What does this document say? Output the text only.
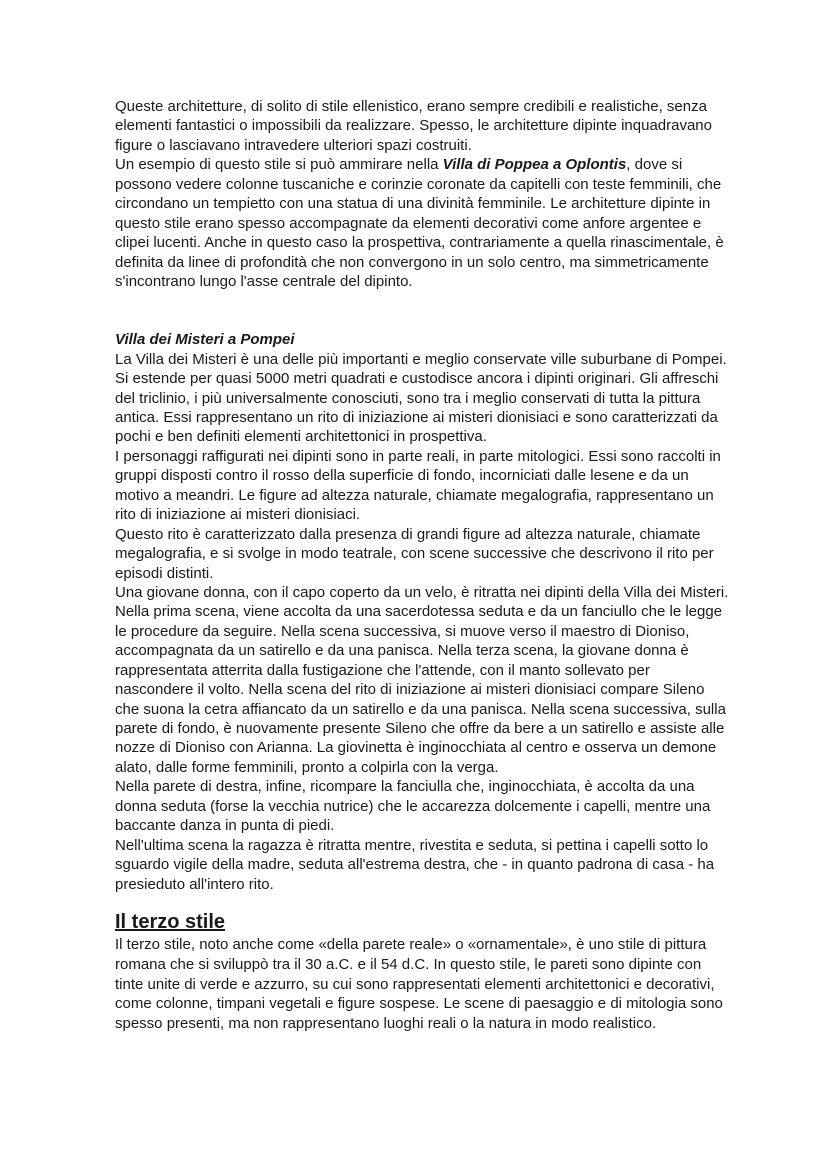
Queste architetture, di solito di stile ellenistico, erano sempre credibili e realistiche, senza
elementi fantastici o impossibili da realizzare. Spesso, le architetture dipinte inquadravano
figure o lasciavano intravedere ulteriori spazi costruiti.
Un esempio di questo stile si può ammirare nella Villa di Poppea a Oplontis, dove si
possono vedere colonne tuscaniche e corinzie coronate da capitelli con teste femminili, che
circondano un tempietto con una statua di una divinità femminile. Le architetture dipinte in
questo stile erano spesso accompagnate da elementi decorativi come anfore argentee e
clipei lucenti. Anche in questo caso la prospettiva, contrariamente a quella rinascimentale, è
definita da linee di profondità che non convergono in un solo centro, ma simmetricamente
s'incontrano lungo l'asse centrale del dipinto.
Villa dei Misteri a Pompei
La Villa dei Misteri è una delle più importanti e meglio conservate ville suburbane di Pompei.
Si estende per quasi 5000 metri quadrati e custodisce ancora i dipinti originari. Gli affreschi
del triclinio, i più universalmente conosciuti, sono tra i meglio conservati di tutta la pittura
antica. Essi rappresentano un rito di iniziazione ai misteri dionisiaci e sono caratterizzati da
pochi e ben definiti elementi architettonici in prospettiva.
I personaggi raffigurati nei dipinti sono in parte reali, in parte mitologici. Essi sono raccolti in
gruppi disposti contro il rosso della superficie di fondo, incorniciati dalle lesene e da un
motivo a meandri. Le figure ad altezza naturale, chiamate megalografia, rappresentano un
rito di iniziazione ai misteri dionisiaci.
Questo rito è caratterizzato dalla presenza di grandi figure ad altezza naturale, chiamate
megalografia, e si svolge in modo teatrale, con scene successive che descrivono il rito per
episodi distinti.
Una giovane donna, con il capo coperto da un velo, è ritratta nei dipinti della Villa dei Misteri.
Nella prima scena, viene accolta da una sacerdotessa seduta e da un fanciullo che le legge
le procedure da seguire. Nella scena successiva, si muove verso il maestro di Dioniso,
accompagnata da un satirello e da una panisca. Nella terza scena, la giovane donna è
rappresentata atterrita dalla fustigazione che l'attende, con il manto sollevato per
nascondere il volto. Nella scena del rito di iniziazione ai misteri dionisiaci compare Sileno
che suona la cetra affiancato da un satirello e da una panisca. Nella scena successiva, sulla
parete di fondo, è nuovamente presente Sileno che offre da bere a un satirello e assiste alle
nozze di Dioniso con Arianna. La giovinetta è inginocchiata al centro e osserva un demone
alato, dalle forme femminili, pronto a colpirla con la verga.
Nella parete di destra, infine, ricompare la fanciulla che, inginocchiata, è accolta da una
donna seduta (forse la vecchia nutrice) che le accarezza dolcemente i capelli, mentre una
baccante danza in punta di piedi.
Nell'ultima scena la ragazza è ritratta mentre, rivestita e seduta, si pettina i capelli sotto lo
sguardo vigile della madre, seduta all'estrema destra, che - in quanto padrona di casa - ha
presieduto all'intero rito.
Il terzo stile
Il terzo stile, noto anche come «della parete reale» o «ornamentale», è uno stile di pittura
romana che si sviluppò tra il 30 a.C. e il 54 d.C. In questo stile, le pareti sono dipinte con
tinte unite di verde e azzurro, su cui sono rappresentati elementi architettonici e decorativi,
come colonne, timpani vegetali e figure sospese. Le scene di paesaggio e di mitologia sono
spesso presenti, ma non rappresentano luoghi reali o la natura in modo realistico.
